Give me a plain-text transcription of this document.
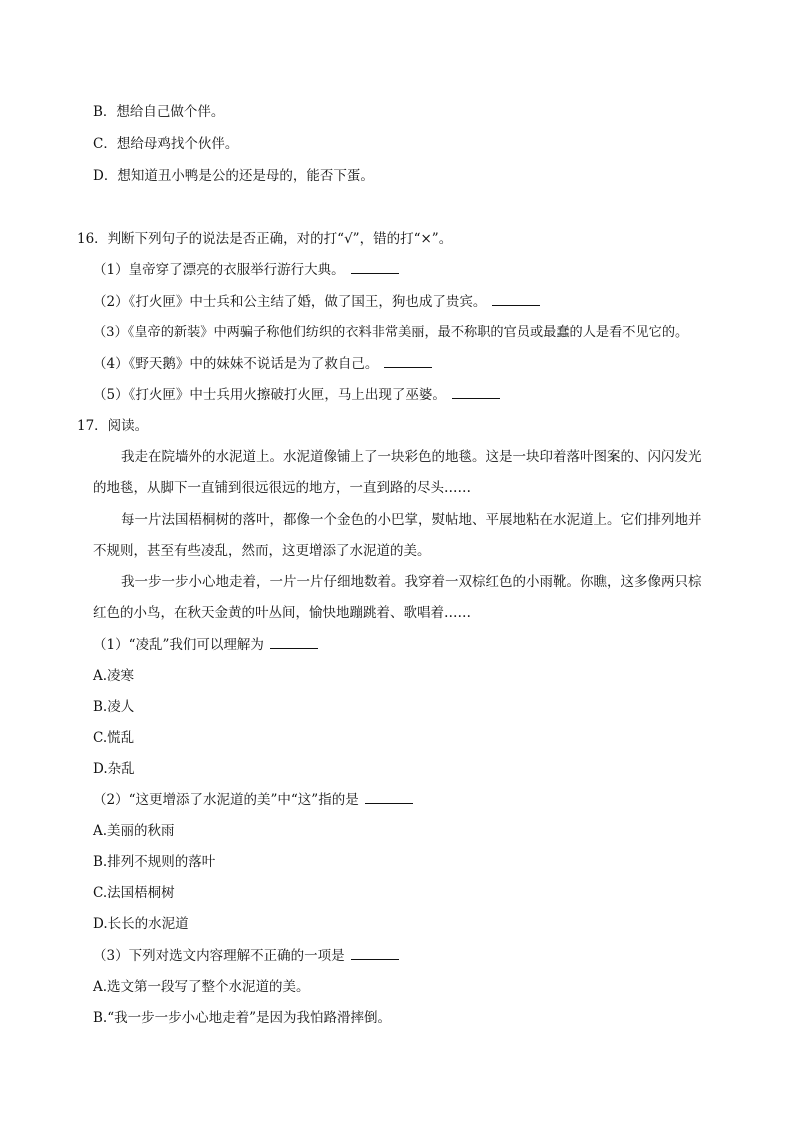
B．想给自己做个伴。
C．想给母鸡找个伙伴。
D．想知道丑小鸭是公的还是母的，能否下蛋。
16．判断下列句子的说法是否正确，对的打“√”，错的打“×”。
（1）皇帝穿了漂亮的衣服举行游行大典。
（2）《打火匣》中士兵和公主结了婚，做了国王，狗也成了贵宾。
（3）《皇帝的新装》中两骗子称他们纺织的衣料非常美丽，最不称职的官员或最蠢的人是看不见它的。
（4）《野天鹅》中的妹妹不说话是为了救自己。
（5）《打火匣》中士兵用火擦破打火匣，马上出现了巫婆。
17．阅读。
我走在院墙外的水泥道上。水泥道像铺上了一块彩色的地毯。这是一块印着落叶图案的、闪闪发光
的地毯，从脚下一直铺到很远很远的地方，一直到路的尽头……
每一片法国梧桐树的落叶，都像一个金色的小巴掌，熨帖地、平展地粘在水泥道上。它们排列地并
不规则，甚至有些凌乱，然而，这更增添了水泥道的美。
我一步一步小心地走着，一片一片仔细地数着。我穿着一双棕红色的小雨靴。你瞧，这多像两只棕
红色的小鸟，在秋天金黄的叶丛间，愉快地蹦跳着、歌唱着……
（1）“凌乱”我们可以理解为
A.凌寒
B.凌人
C.慌乱
D.杂乱
（2）“这更增添了水泥道的美”中“这”指的是
A.美丽的秋雨
B.排列不规则的落叶
C.法国梧桐树
D.长长的水泥道
（3）下列对选文内容理解不正确的一项是
A.选文第一段写了整个水泥道的美。
B.“我一步一步小心地走着”是因为我怕路滑摔倒。
